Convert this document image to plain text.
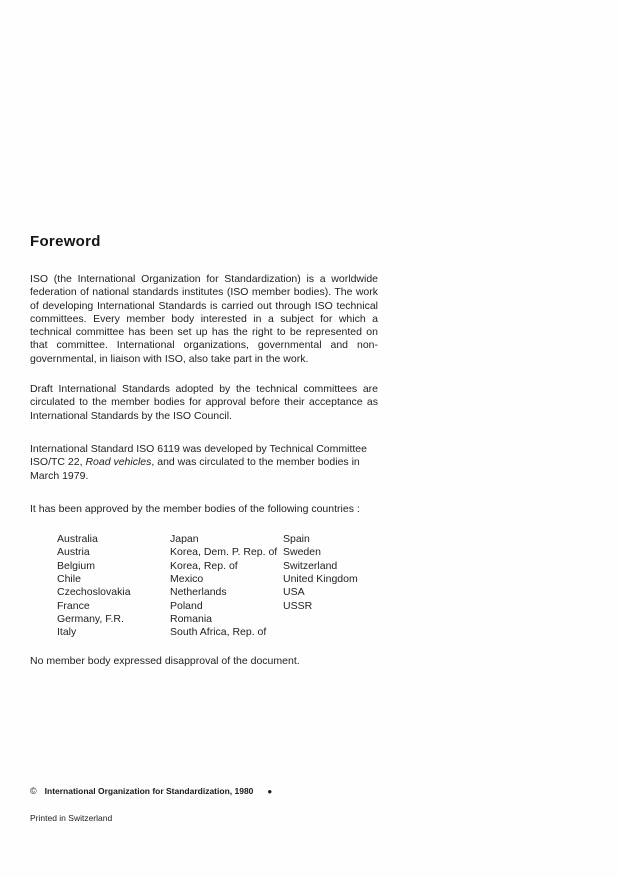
Foreword

ISO (the International Organization for Standardization) is a worldwide federation of national standards institutes (ISO member bodies). The work of developing International Standards is carried out through ISO technical committees. Every member body interested in a subject for which a technical committee has been set up has the right to be represented on that committee. International organizations, governmental and non-governmental, in liaison with ISO, also take part in the work.

Draft International Standards adopted by the technical committees are circulated to the member bodies for approval before their acceptance as International Standards by the ISO Council.

International Standard ISO 6119 was developed by Technical Committee ISO/TC 22, Road vehicles, and was circulated to the member bodies in March 1979.

It has been approved by the member bodies of the following countries :

Australia
Austria
Belgium
Chile
Czechoslovakia
France
Germany, F.R.
Italy
Japan
Korea, Dem. P. Rep. of
Korea, Rep. of
Mexico
Netherlands
Poland
Romania
South Africa, Rep. of
Spain
Sweden
Switzerland
United Kingdom
USA
USSR

No member body expressed disapproval of the document.

© International Organization for Standardization, 1980 ●
Printed in Switzerland
